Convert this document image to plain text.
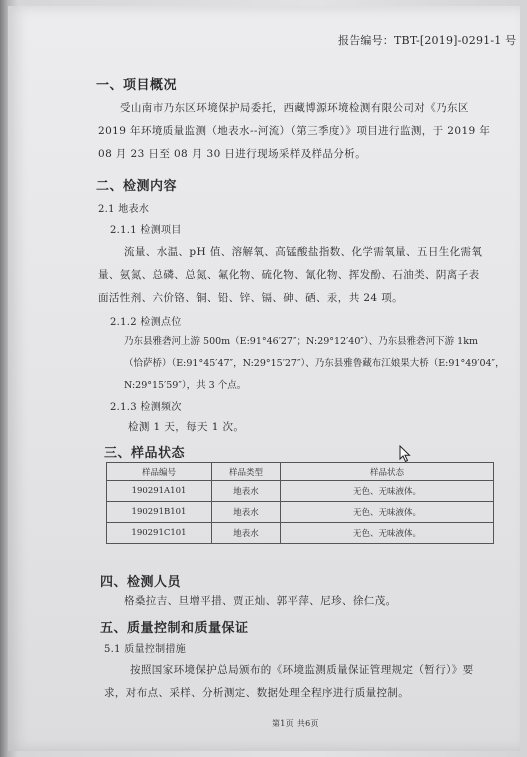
报告编号：TBT-[2019]-0291-1 号
一、项目概况
受山南市乃东区环境保护局委托，西藏博源环境检测有限公司对《乃东区
2019 年环境质量监测（地表水--河流）（第三季度）》项目进行监测，于 2019 年
08 月 23 日至 08 月 30 日进行现场采样及样品分析。
二、检测内容
2.1 地表水
2.1.1 检测项目
流量、水温、pH 值、溶解氧、高锰酸盐指数、化学需氧量、五日生化需氧
量、氨氮、总磷、总氮、氟化物、硫化物、氰化物、挥发酚、石油类、阴离子表
面活性剂、六价铬、铜、铅、锌、镉、砷、硒、汞，共 24 项。
2.1.2 检测点位
乃东县雅砻河上游 500m（E:91°46′27″；N:29°12′40″）、乃东县雅砻河下游 1km
（恰萨桥）（E:91°45′47″，N:29°15′27″）、乃东县雅鲁藏布江娘果大桥（E:91°49′04″，
N:29°15′59″），共 3 个点。
2.1.3 检测频次
检测 1 天，每天 1 次。
三、样品状态
样品编号	样品类型	样品状态
190291A101	地表水	无色、无味液体。
190291B101	地表水	无色、无味液体。
190291C101	地表水	无色、无味液体。
四、检测人员
格桑拉吉、旦增平措、贾正灿、郭平萍、尼珍、徐仁茂。
五、质量控制和质量保证
5.1 质量控制措施
按照国家环境保护总局颁布的《环境监测质量保证管理规定（暂行）》要
求，对布点、采样、分析测定、数据处理全程序进行质量控制。
第1页 共6页
